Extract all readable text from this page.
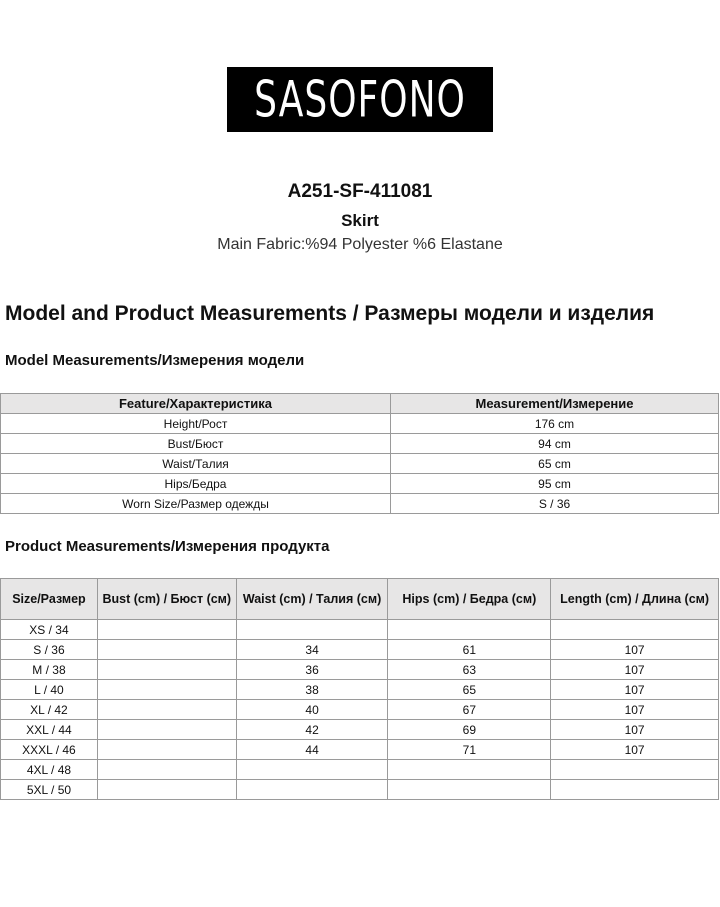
SASOFONO
A251-SF-411081
Skirt
Main Fabric:%94 Polyester %6 Elastane
Model and Product Measurements / Размеры модели и изделия
Model Measurements/Измерения модели
Feature/Характеристика	Measurement/Измерение
Height/Рост	176 cm
Bust/Бюст	94 cm
Waist/Талия	65 cm
Hips/Бедра	95 cm
Worn Size/Размер одежды	S / 36
Product Measurements/Измерения продукта
Size/Размер	Bust (cm) / Бюст (см)	Waist (cm) / Талия (см)	Hips (cm) / Бедра (см)	Length (cm) / Длина (см)
XS / 34				
S / 36		34	61	107
M / 38		36	63	107
L / 40		38	65	107
XL / 42		40	67	107
XXL / 44		42	69	107
XXXL / 46		44	71	107
4XL / 48				
5XL / 50				
